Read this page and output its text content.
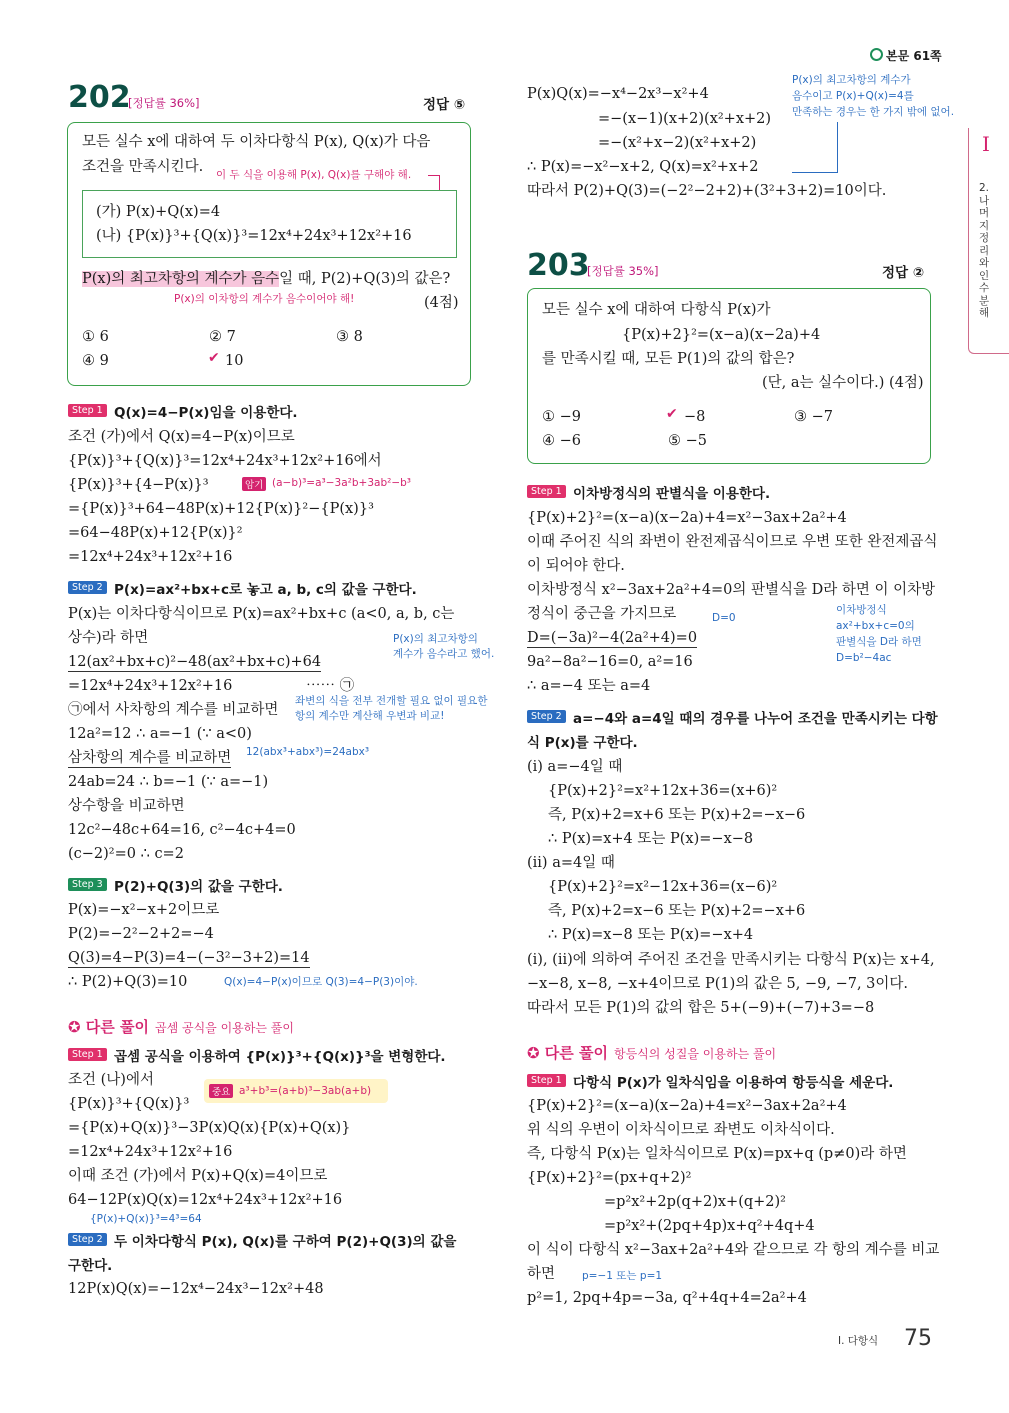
본문 61쪽
I
2. 나머지정리와 인수분해
I. 다항식 75
202
[정답률 36%]	정답 ⑤
모든 실수 x에 대하여 두 이차다항식 P(x), Q(x)가 다음
조건을 만족시킨다. 이 두 식을 이용해 P(x), Q(x)를 구해야 해.
(가) P(x)+Q(x)=4
(나) {P(x)}³+{Q(x)}³=12x⁴+24x³+12x²+16
P(x)의 최고차항의 계수가 음수일 때, P(2)+Q(3)의 값은?
P(x)의 이차항의 계수가 음수이어야 해!	(4점)
① 6	② 7	③ 8
④ 9	✔ 10
Step 1 Q(x)=4−P(x)임을 이용한다.
조건 (가)에서 Q(x)=4−P(x)이므로
{P(x)}³+{Q(x)}³=12x⁴+24x³+12x²+16에서
{P(x)}³+{4−P(x)}³	암기 (a−b)³=a³−3a²b+3ab²−b³
={P(x)}³+64−48P(x)+12{P(x)}²−{P(x)}³
=64−48P(x)+12{P(x)}²
=12x⁴+24x³+12x²+16
Step 2 P(x)=ax²+bx+c로 놓고 a, b, c의 값을 구한다.
P(x)는 이차다항식이므로 P(x)=ax²+bx+c (a<0, a, b, c는
상수)라 하면	P(x)의 최고차항의
계수가 음수라고 했어.
12(ax²+bx+c)²−48(ax²+bx+c)+64
=12x⁴+24x³+12x²+16	⋯⋯ ㉠
좌변의 식을 전부 전개할 필요 없이 필요한
항의 계수만 계산해 우변과 비교!
㉠에서 사차항의 계수를 비교하면
12a²=12 ∴ a=−1 (∵ a<0)
삼차항의 계수를 비교하면 12(abx³+abx³)=24abx³
24ab=24 ∴ b=−1 (∵ a=−1)
상수항을 비교하면
12c²−48c+64=16, c²−4c+4=0
(c−2)²=0 ∴ c=2
Step 3 P(2)+Q(3)의 값을 구한다.
P(x)=−x²−x+2이므로
P(2)=−2²−2+2=−4
Q(3)=4−P(3)=4−(−3²−3+2)=14
∴ P(2)+Q(3)=10	Q(x)=4−P(x)이므로 Q(3)=4−P(3)이야.
✪ 다른 풀이 곱셈 공식을 이용하는 풀이
Step 1 곱셈 공식을 이용하여 {P(x)}³+{Q(x)}³을 변형한다.
조건 (나)에서
중요 a³+b³=(a+b)³−3ab(a+b)
{P(x)}³+{Q(x)}³
={P(x)+Q(x)}³−3P(x)Q(x){P(x)+Q(x)}
=12x⁴+24x³+12x²+16
이때 조건 (가)에서 P(x)+Q(x)=4이므로
64−12P(x)Q(x)=12x⁴+24x³+12x²+16
{P(x)+Q(x)}³=4³=64
Step 2 두 이차다항식 P(x), Q(x)를 구하여 P(2)+Q(3)의 값을
구한다.
12P(x)Q(x)=−12x⁴−24x³−12x²+48
P(x)Q(x)=−x⁴−2x³−x²+4
=−(x−1)(x+2)(x²+x+2)
=−(x²+x−2)(x²+x+2)
∴ P(x)=−x²−x+2, Q(x)=x²+x+2
따라서 P(2)+Q(3)=(−2²−2+2)+(3²+3+2)=10이다.
P(x)의 최고차항의 계수가
음수이고 P(x)+Q(x)=4를
만족하는 경우는 한 가지 밖에 없어.
203
[정답률 35%]	정답 ②
모든 실수 x에 대하여 다항식 P(x)가
{P(x)+2}²=(x−a)(x−2a)+4
를 만족시킬 때, 모든 P(1)의 값의 합은?
(단, a는 실수이다.) (4점)
① −9	✔ −8	③ −7
④ −6	⑤ −5
Step 1 이차방정식의 판별식을 이용한다.
{P(x)+2}²=(x−a)(x−2a)+4=x²−3ax+2a²+4
이때 주어진 식의 좌변이 완전제곱식이므로 우변 또한 완전제곱식
이 되어야 한다.
이차방정식 x²−3ax+2a²+4=0의 판별식을 D라 하면 이 이차방
정식이 중근을 가지므로	D=0
이차방정식
ax²+bx+c=0의
판별식을 D라 하면
D=b²−4ac
D=(−3a)²−4(2a²+4)=0
9a²−8a²−16=0, a²=16
∴ a=−4 또는 a=4
Step 2 a=−4와 a=4일 때의 경우를 나누어 조건을 만족시키는 다항
식 P(x)를 구한다.
(ⅰ) a=−4일 때
{P(x)+2}²=x²+12x+36=(x+6)²
즉, P(x)+2=x+6 또는 P(x)+2=−x−6
∴ P(x)=x+4 또는 P(x)=−x−8
(ⅱ) a=4일 때
{P(x)+2}²=x²−12x+36=(x−6)²
즉, P(x)+2=x−6 또는 P(x)+2=−x+6
∴ P(x)=x−8 또는 P(x)=−x+4
(ⅰ), (ⅱ)에 의하여 주어진 조건을 만족시키는 다항식 P(x)는 x+4,
−x−8, x−8, −x+4이므로 P(1)의 값은 5, −9, −7, 3이다.
따라서 모든 P(1)의 값의 합은 5+(−9)+(−7)+3=−8
✪ 다른 풀이 항등식의 성질을 이용하는 풀이
Step 1 다항식 P(x)가 일차식임을 이용하여 항등식을 세운다.
{P(x)+2}²=(x−a)(x−2a)+4=x²−3ax+2a²+4
위 식의 우변이 이차식이므로 좌변도 이차식이다.
즉, 다항식 P(x)는 일차식이므로 P(x)=px+q (p≠0)라 하면
{P(x)+2}²=(px+q+2)²
=p²x²+2p(q+2)x+(q+2)²
=p²x²+(2pq+4p)x+q²+4q+4
이 식이 다항식 x²−3ax+2a²+4와 같으므로 각 항의 계수를 비교
하면	p=−1 또는 p=1
p²=1, 2pq+4p=−3a, q²+4q+4=2a²+4
